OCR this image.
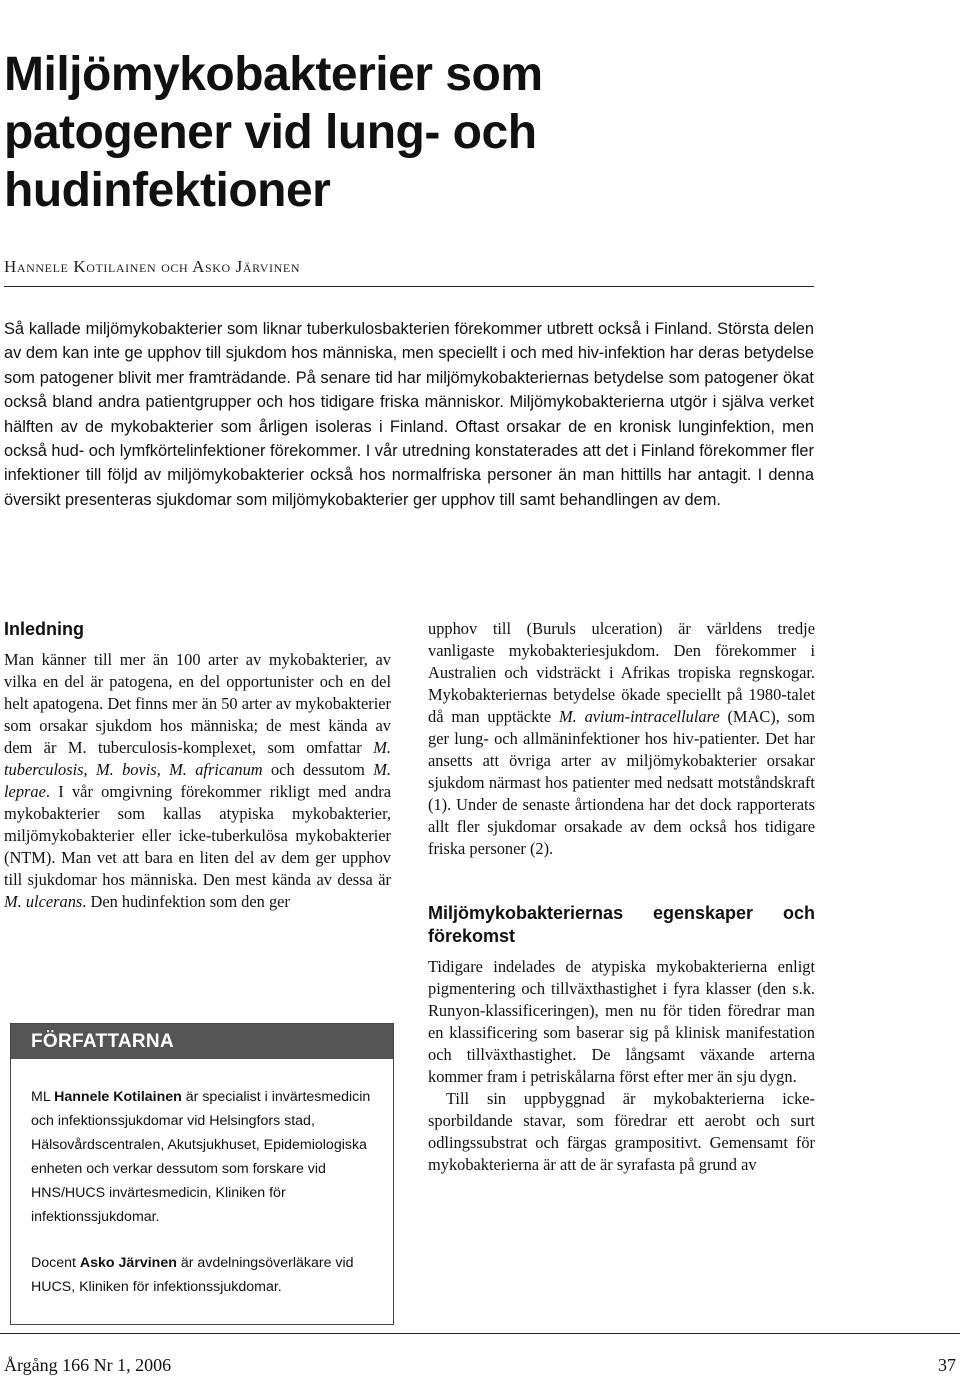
Miljömykobakterier som
patogener vid lung- och
hudinfektioner
Hannele Kotilainen och Asko Järvinen

Så kallade miljömykobakterier som liknar tuberkulosbakterien förekommer utbrett också i Finland. Största delen av dem kan inte ge upphov till sjukdom hos människa, men speciellt i och med hiv-infektion har deras betydelse som patogener blivit mer framträdande. På senare tid har miljömykobakteriernas betydelse som patogener ökat också bland andra patientgrupper och hos tidigare friska människor. Miljömykobakterierna utgör i själva verket hälften av de mykobakterier som årligen isoleras i Finland. Oftast orsakar de en kronisk lunginfektion, men också hud- och lymfkörtelinfektioner förekommer. I vår utredning konstaterades att det i Finland förekommer fler infektioner till följd av miljömykobakterier också hos normalfriska personer än man hittills har antagit. I denna översikt presenteras sjukdomar som miljömykobakterier ger upphov till samt behandlingen av dem.

Inledning

Man känner till mer än 100 arter av mykobakterier, av vilka en del är patogena, en del opportunister och en del helt apatogena. Det finns mer än 50 arter av mykobakterier som orsakar sjukdom hos människa; de mest kända av dem är M. tuberculosis-komplexet, som omfattar M. tuberculosis, M. bovis, M. africanum och dessutom M. leprae. I vår omgivning förekommer rikligt med andra mykobakterier som kallas atypiska mykobakterier, miljömykobakterier eller icke-tuberkulösa mykobakterier (NTM). Man vet att bara en liten del av dem ger upphov till sjukdomar hos människa. Den mest kända av dessa är M. ulcerans. Den hudinfektion som den ger

FÖRFATTARNA

ML Hannele Kotilainen är specialist i invärtesmedicin och infektionssjukdomar vid Helsingfors stad, Hälsovårdscentralen, Akutsjukhuset, Epidemiologiska enheten och verkar dessutom som forskare vid HNS/HUCS invärtesmedicin, Kliniken för infektionssjukdomar.

Docent Asko Järvinen är avdelningsöverläkare vid HUCS, Kliniken för infektionssjukdomar.

upphov till (Buruls ulceration) är världens tredje vanligaste mykobakteriesjukdom. Den förekommer i Australien och vidsträckt i Afrikas tropiska regnskogar. Mykobakteriernas betydelse ökade speciellt på 1980-talet då man upptäckte M. avium-intracellulare (MAC), som ger lung- och allmäninfektioner hos hiv-patienter. Det har ansetts att övriga arter av miljömykobakterier orsakar sjukdom närmast hos patienter med nedsatt motståndskraft (1). Under de senaste årtiondena har det dock rapporterats allt fler sjukdomar orsakade av dem också hos tidigare friska personer (2).

Miljömykobakteriernas egenskaper och förekomst

Tidigare indelades de atypiska mykobakterierna enligt pigmentering och tillväxthastighet i fyra klasser (den s.k. Runyon-klassificeringen), men nu för tiden föredrar man en klassificering som baserar sig på klinisk manifestation och tillväxthastighet. De långsamt växande arterna kommer fram i petriskålarna först efter mer än sju dygn.

Till sin uppbyggnad är mykobakterierna icke-sporbildande stavar, som föredrar ett aerobt och surt odlingssubstrat och färgas grampositivt. Gemensamt för mykobakterierna är att de är syrafasta på grund av

Årgång 166 Nr 1, 2006	37
